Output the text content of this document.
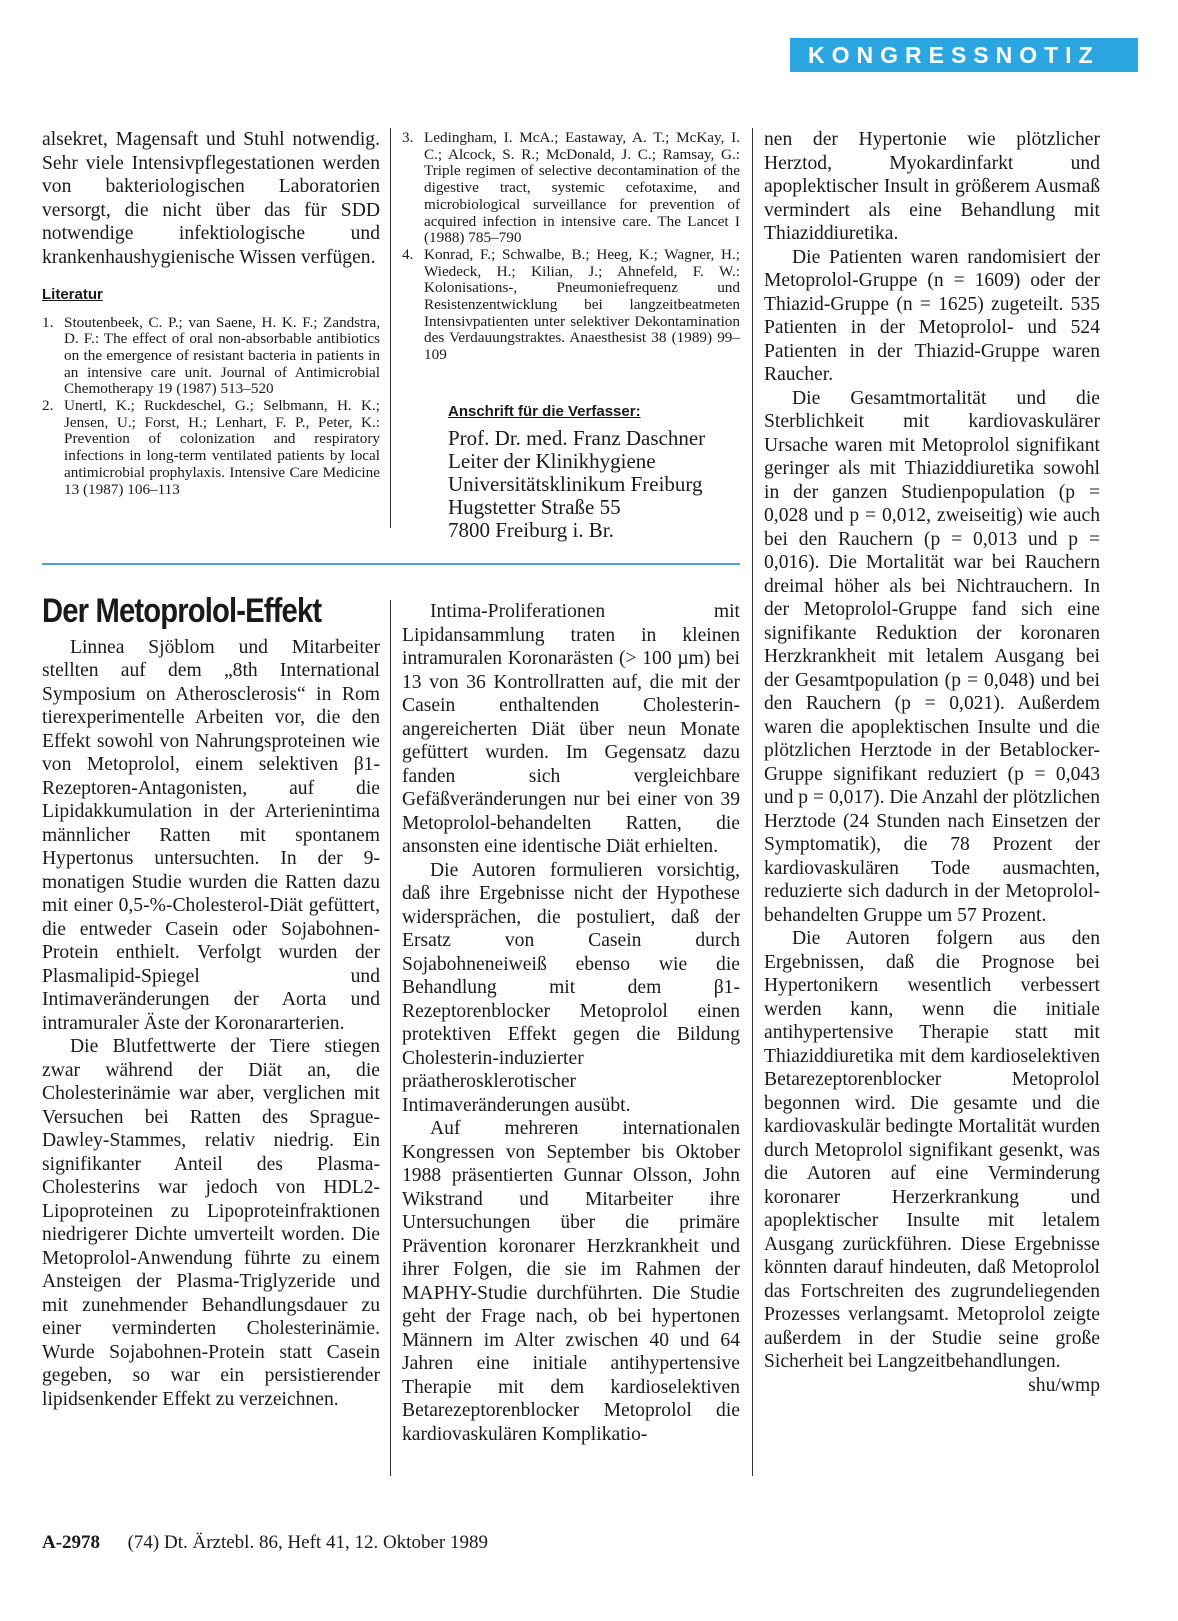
KONGRESSNOTIZ

alsekret, Magensaft und Stuhl notwendig. Sehr viele Intensivpflegestationen werden von bakteriologischen Laboratorien versorgt, die nicht über das für SDD notwendige infektiologische und krankenhaushygienische Wissen verfügen.

Literatur
1. Stoutenbeek, C. P.; van Saene, H. K. F.; Zandstra, D. F.: The effect of oral non-absorbable antibiotics on the emergence of resistant bacteria in patients in an intensive care unit. Journal of Antimicrobial Chemotherapy 19 (1987) 513–520
2. Unertl, K.; Ruckdeschel, G.; Selbmann, H. K.; Jensen, U.; Forst, H.; Lenhart, F. P., Peter, K.: Prevention of colonization and respiratory infections in long-term ventilated patients by local antimicrobial prophylaxis. Intensive Care Medicine 13 (1987) 106–113
3. Ledingham, I. McA.; Eastaway, A. T.; McKay, I. C.; Alcock, S. R.; McDonald, J. C.; Ramsay, G.: Triple regimen of selective decontamination of the digestive tract, systemic cefotaxime, and microbiological surveillance for prevention of acquired infection in intensive care. The Lancet I (1988) 785–790
4. Konrad, F.; Schwalbe, B.; Heeg, K.; Wagner, H.; Wiedeck, H.; Kilian, J.; Ahnefeld, F. W.: Kolonisations-, Pneumoniefrequenz und Resistenzentwicklung bei langzeitbeatmeten Intensivpatienten unter selektiver Dekontamination des Verdauungstraktes. Anaesthesist 38 (1989) 99–109
Anschrift für die Verfasser:
Prof. Dr. med. Franz Daschner
Leiter der Klinikhygiene
Universitätsklinikum Freiburg
Hugstetter Straße 55
7800 Freiburg i. Br.
Der Metoprolol-Effekt

Linnea Sjöblom und Mitarbeiter stellten auf dem „8th International Symposium on Atherosclerosis“ in Rom tierexperimentelle Arbeiten vor, die den Effekt sowohl von Nahrungsproteinen wie von Metoprolol, einem selektiven β1-Rezeptoren-Antagonisten, auf die Lipidakkumulation in der Arterienintima männlicher Ratten mit spontanem Hypertonus untersuchten. In der 9-monatigen Studie wurden die Ratten dazu mit einer 0,5-%-Cholesterol-Diät gefüttert, die entweder Casein oder Sojabohnen-Protein enthielt. Verfolgt wurden der Plasmalipid-Spiegel und Intimaveränderungen der Aorta und intramuraler Äste der Koronararterien.

Die Blutfettwerte der Tiere stiegen zwar während der Diät an, die Cholesterinämie war aber, verglichen mit Versuchen bei Ratten des Sprague-Dawley-Stammes, relativ niedrig. Ein signifikanter Anteil des Plasma-Cholesterins war jedoch von HDL2-Lipoproteinen zu Lipoproteinfraktionen niedrigerer Dichte umverteilt worden. Die Metoprolol-Anwendung führte zu einem Ansteigen der Plasma-Triglyzeride und mit zunehmender Behandlungsdauer zu einer verminderten Cholesterinämie. Wurde Sojabohnen-Protein statt Casein gegeben, so war ein persistierender lipidsenkender Effekt zu verzeichnen.

Intima-Proliferationen mit Lipidansammlung traten in kleinen intramuralen Koronarästen (> 100 µm) bei 13 von 36 Kontrollratten auf, die mit der Casein enthaltenden Cholesterin-angereicherten Diät über neun Monate gefüttert wurden. Im Gegensatz dazu fanden sich vergleichbare Gefäßveränderungen nur bei einer von 39 Metoprolol-behandelten Ratten, die ansonsten eine identische Diät erhielten.

Die Autoren formulieren vorsichtig, daß ihre Ergebnisse nicht der Hypothese widersprächen, die postuliert, daß der Ersatz von Casein durch Sojabohneneiweiß ebenso wie die Behandlung mit dem β1-Rezeptorenblocker Metoprolol einen protektiven Effekt gegen die Bildung Cholesterin-induzierter präatherosklerotischer Intimaveränderungen ausübt.

Auf mehreren internationalen Kongressen von September bis Oktober 1988 präsentierten Gunnar Olsson, John Wikstrand und Mitarbeiter ihre Untersuchungen über die primäre Prävention koronarer Herzkrankheit und ihrer Folgen, die sie im Rahmen der MAPHY-Studie durchführten. Die Studie geht der Frage nach, ob bei hypertonen Männern im Alter zwischen 40 und 64 Jahren eine initiale antihypertensive Therapie mit dem kardioselektiven Betarezeptorenblocker Metoprolol die kardiovaskulären Komplikatio-

nen der Hypertonie wie plötzlicher Herztod, Myokardinfarkt und apoplektischer Insult in größerem Ausmaß vermindert als eine Behandlung mit Thiaziddiuretika.

Die Patienten waren randomisiert der Metoprolol-Gruppe (n = 1609) oder der Thiazid-Gruppe (n = 1625) zugeteilt. 535 Patienten in der Metoprolol- und 524 Patienten in der Thiazid-Gruppe waren Raucher.

Die Gesamtmortalität und die Sterblichkeit mit kardiovaskulärer Ursache waren mit Metoprolol signifikant geringer als mit Thiaziddiuretika sowohl in der ganzen Studienpopulation (p = 0,028 und p = 0,012, zweiseitig) wie auch bei den Rauchern (p = 0,013 und p = 0,016). Die Mortalität war bei Rauchern dreimal höher als bei Nichtrauchern. In der Metoprolol-Gruppe fand sich eine signifikante Reduktion der koronaren Herzkrankheit mit letalem Ausgang bei der Gesamtpopulation (p = 0,048) und bei den Rauchern (p = 0,021). Außerdem waren die apoplektischen Insulte und die plötzlichen Herztode in der Betablocker-Gruppe signifikant reduziert (p = 0,043 und p = 0,017). Die Anzahl der plötzlichen Herztode (24 Stunden nach Einsetzen der Symptomatik), die 78 Prozent der kardiovaskulären Tode ausmachten, reduzierte sich dadurch in der Metoprolol-behandelten Gruppe um 57 Prozent.

Die Autoren folgern aus den Ergebnissen, daß die Prognose bei Hypertonikern wesentlich verbessert werden kann, wenn die initiale antihypertensive Therapie statt mit Thiaziddiuretika mit dem kardioselektiven Betarezeptorenblocker Metoprolol begonnen wird. Die gesamte und die kardiovaskulär bedingte Mortalität wurden durch Metoprolol signifikant gesenkt, was die Autoren auf eine Verminderung koronarer Herzerkrankung und apoplektischer Insulte mit letalem Ausgang zurückführen. Diese Ergebnisse könnten darauf hindeuten, daß Metoprolol das Fortschreiten des zugrundeliegenden Prozesses verlangsamt. Metoprolol zeigte außerdem in der Studie seine große Sicherheit bei Langzeitbehandlungen.

shu/wmp
A-2978 (74) Dt. Ärztebl. 86, Heft 41, 12. Oktober 1989
